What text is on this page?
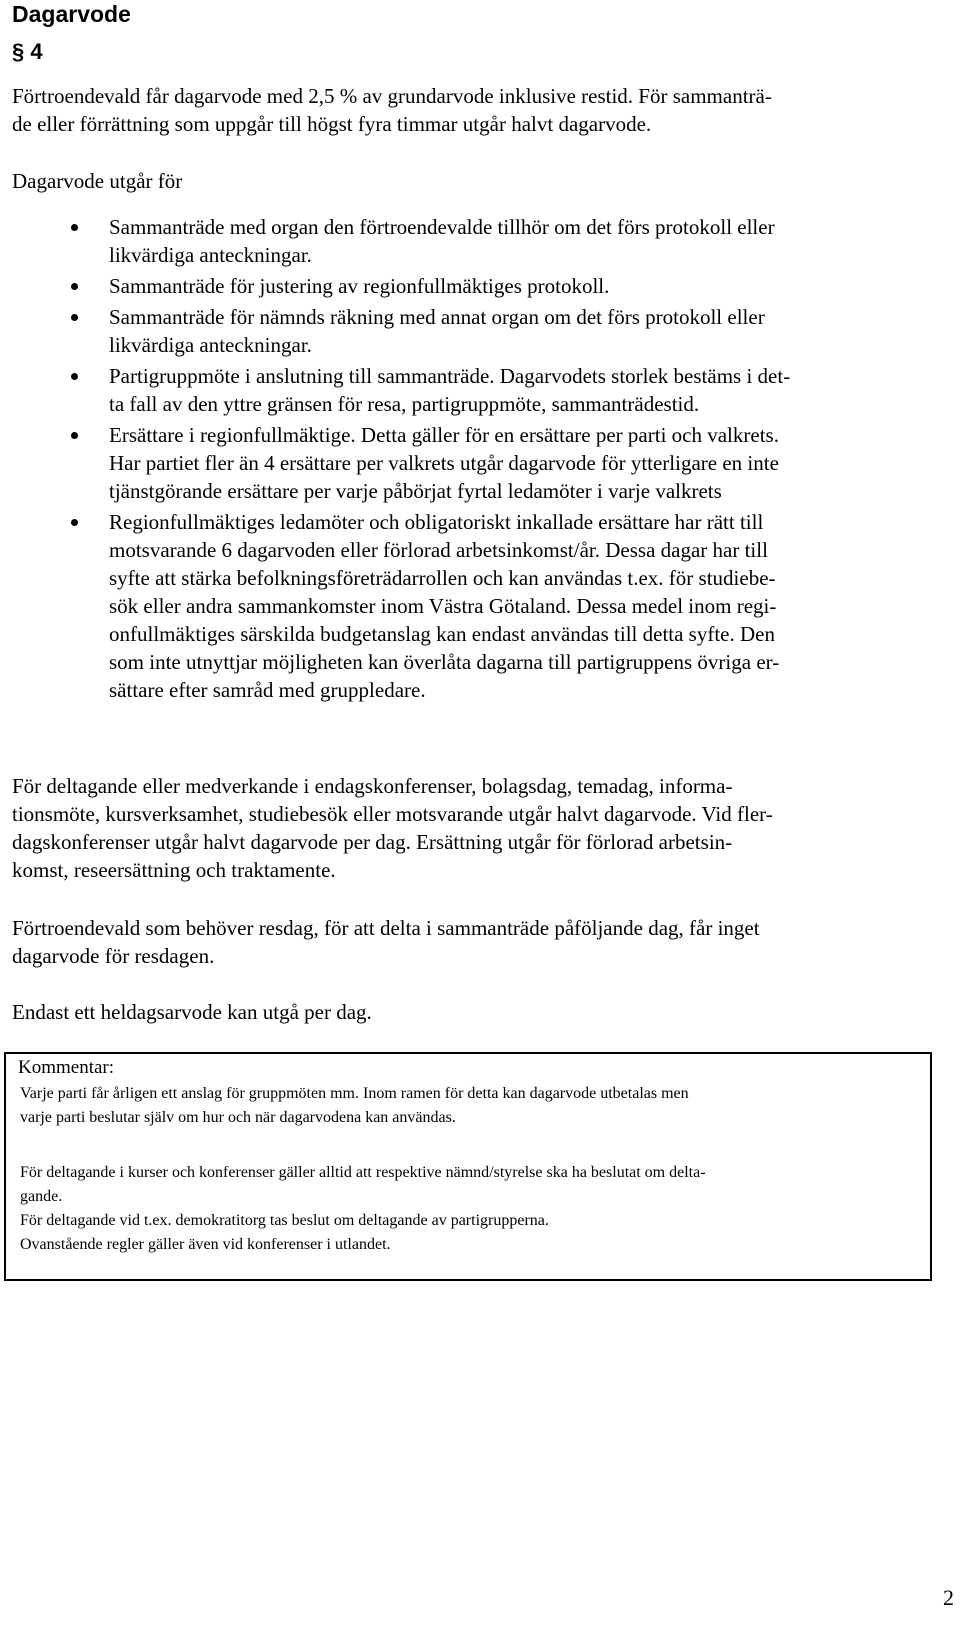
Dagarvode
§ 4
Förtroendevald får dagarvode med 2,5 % av grundarvode inklusive restid. För sammanträ-
de eller förrättning som uppgår till högst fyra timmar utgår halvt dagarvode.
Dagarvode utgår för
Sammanträde med organ den förtroendevalde tillhör om det förs protokoll eller
likvärdiga anteckningar.
Sammanträde för justering av regionfullmäktiges protokoll.
Sammanträde för nämnds räkning med annat organ om det förs protokoll eller
likvärdiga anteckningar.
Partigruppmöte i anslutning till sammanträde. Dagarvodets storlek bestäms i det-
ta fall av den yttre gränsen för resa, partigruppmöte, sammanträdestid.
Ersättare i regionfullmäktige. Detta gäller för en ersättare per parti och valkrets.
Har partiet fler än 4 ersättare per valkrets utgår dagarvode för ytterligare en inte
tjänstgörande ersättare per varje påbörjat fyrtal ledamöter i varje valkrets
Regionfullmäktiges ledamöter och obligatoriskt inkallade ersättare har rätt till
motsvarande 6 dagarvoden eller förlorad arbetsinkomst/år. Dessa dagar har till
syfte att stärka befolkningsföreträdarrollen och kan användas t.ex. för studiebe-
sök eller andra sammankomster inom Västra Götaland. Dessa medel inom regi-
onfullmäktiges särskilda budgetanslag kan endast användas till detta syfte. Den
som inte utnyttjar möjligheten kan överlåta dagarna till partigruppens övriga er-
sättare efter samråd med gruppledare.
För deltagande eller medverkande i endagskonferenser, bolagsdag, temadag, informa-
tionsmöte, kursverksamhet, studiebesök eller motsvarande utgår halvt dagarvode. Vid fler-
dagskonferenser utgår halvt dagarvode per dag. Ersättning utgår för förlorad arbetsin-
komst, reseersättning och traktamente.
Förtroendevald som behöver resdag, för att delta i sammanträde påföljande dag, får inget
dagarvode för resdagen.
Endast ett heldagsarvode kan utgå per dag.
Kommentar:
Varje parti får årligen ett anslag för gruppmöten mm. Inom ramen för detta kan dagarvode utbetalas men
varje parti beslutar själv om hur och när dagarvodena kan användas.
För deltagande i kurser och konferenser gäller alltid att respektive nämnd/styrelse ska ha beslutat om delta-
gande.
För deltagande vid t.ex. demokratitorg tas beslut om deltagande av partigrupperna.
Ovanstående regler gäller även vid konferenser i utlandet.
2
